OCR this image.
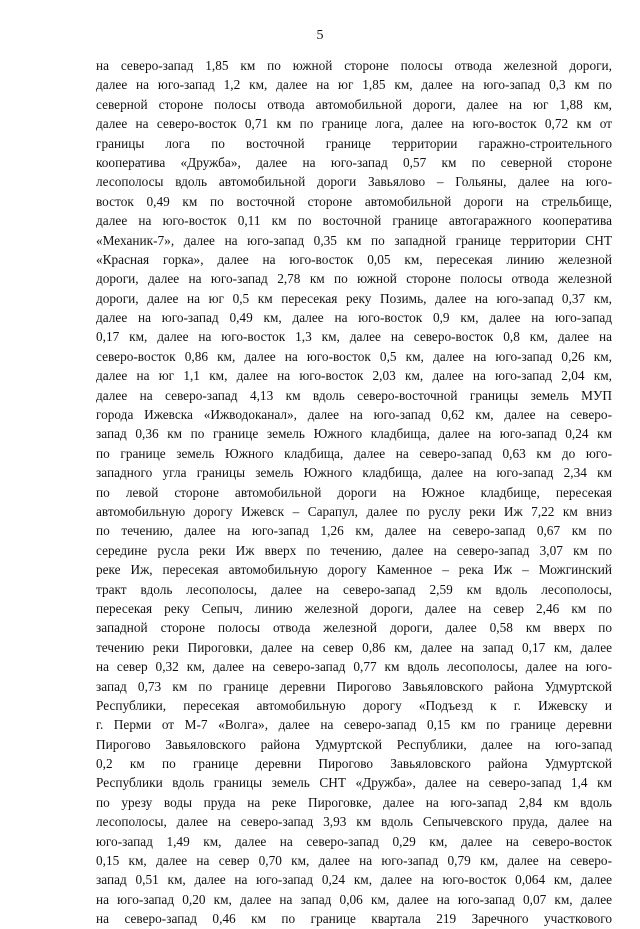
5
на северо-запад 1,85 км по южной стороне полосы отвода железной дороги,
далее на юго-запад 1,2 км, далее на юг 1,85 км, далее на юго-запад 0,3 км по
северной стороне полосы отвода автомобильной дороги, далее на юг 1,88 км,
далее на северо-восток 0,71 км по границе лога, далее на юго-восток 0,72 км от
границы лога по восточной границе территории гаражно-строительного
кооператива «Дружба», далее на юго-запад 0,57 км по северной стороне
лесополосы вдоль автомобильной дороги Завьялово – Гольяны, далее на юго-
восток 0,49 км по восточной стороне автомобильной дороги на стрельбище,
далее на юго-восток 0,11 км по восточной границе автогаражного кооператива
«Механик-7», далее на юго-запад 0,35 км по западной границе территории СНТ
«Красная горка», далее на юго-восток 0,05 км, пересекая линию железной
дороги, далее на юго-запад 2,78 км по южной стороне полосы отвода железной
дороги, далее на юг 0,5 км пересекая реку Позимь, далее на юго-запад 0,37 км,
далее на юго-запад 0,49 км, далее на юго-восток 0,9 км, далее на юго-запад
0,17 км, далее на юго-восток 1,3 км, далее на северо-восток 0,8 км, далее на
северо-восток 0,86 км, далее на юго-восток 0,5 км, далее на юго-запад 0,26 км,
далее на юг 1,1 км, далее на юго-восток 2,03 км, далее на юго-запад 2,04 км,
далее на северо-запад 4,13 км вдоль северо-восточной границы земель МУП
города Ижевска «Ижводоканал», далее на юго-запад 0,62 км, далее на северо-
запад 0,36 км по границе земель Южного кладбища, далее на юго-запад 0,24 км
по границе земель Южного кладбища, далее на северо-запад 0,63 км до юго-
западного угла границы земель Южного кладбища, далее на юго-запад 2,34 км
по левой стороне автомобильной дороги на Южное кладбище, пересекая
автомобильную дорогу Ижевск – Сарапул, далее по руслу реки Иж 7,22 км вниз
по течению, далее на юго-запад 1,26 км, далее на северо-запад 0,67 км по
середине русла реки Иж вверх по течению, далее на северо-запад 3,07 км по
реке Иж, пересекая автомобильную дорогу Каменное – река Иж – Можгинский
тракт вдоль лесополосы, далее на северо-запад 2,59 км вдоль лесополосы,
пересекая реку Сепыч, линию железной дороги, далее на север 2,46 км по
западной стороне полосы отвода железной дороги, далее 0,58 км вверх по
течению реки Пироговки, далее на север 0,86 км, далее на запад 0,17 км, далее
на север 0,32 км, далее на северо-запад 0,77 км вдоль лесополосы, далее на юго-
запад 0,73 км по границе деревни Пирогово Завьяловского района Удмуртской
Республики, пересекая автомобильную дорогу «Подъезд к г. Ижевску и
г. Перми от М-7 «Волга», далее на северо-запад 0,15 км по границе деревни
Пирогово Завьяловского района Удмуртской Республики, далее на юго-запад
0,2 км по границе деревни Пирогово Завьяловского района Удмуртской
Республики вдоль границы земель СНТ «Дружба», далее на северо-запад 1,4 км
по урезу воды пруда на реке Пироговке, далее на юго-запад 2,84 км вдоль
лесополосы, далее на северо-запад 3,93 км вдоль Сепычевского пруда, далее на
юго-запад 1,49 км, далее на северо-запад 0,29 км, далее на северо-восток
0,15 км, далее на север 0,70 км, далее на юго-запад 0,79 км, далее на северо-
запад 0,51 км, далее на юго-запад 0,24 км, далее на юго-восток 0,064 км, далее
на юго-запад 0,20 км, далее на запад 0,06 км, далее на юго-запад 0,07 км, далее
на северо-запад 0,46 км по границе квартала 219 Заречного участкового
